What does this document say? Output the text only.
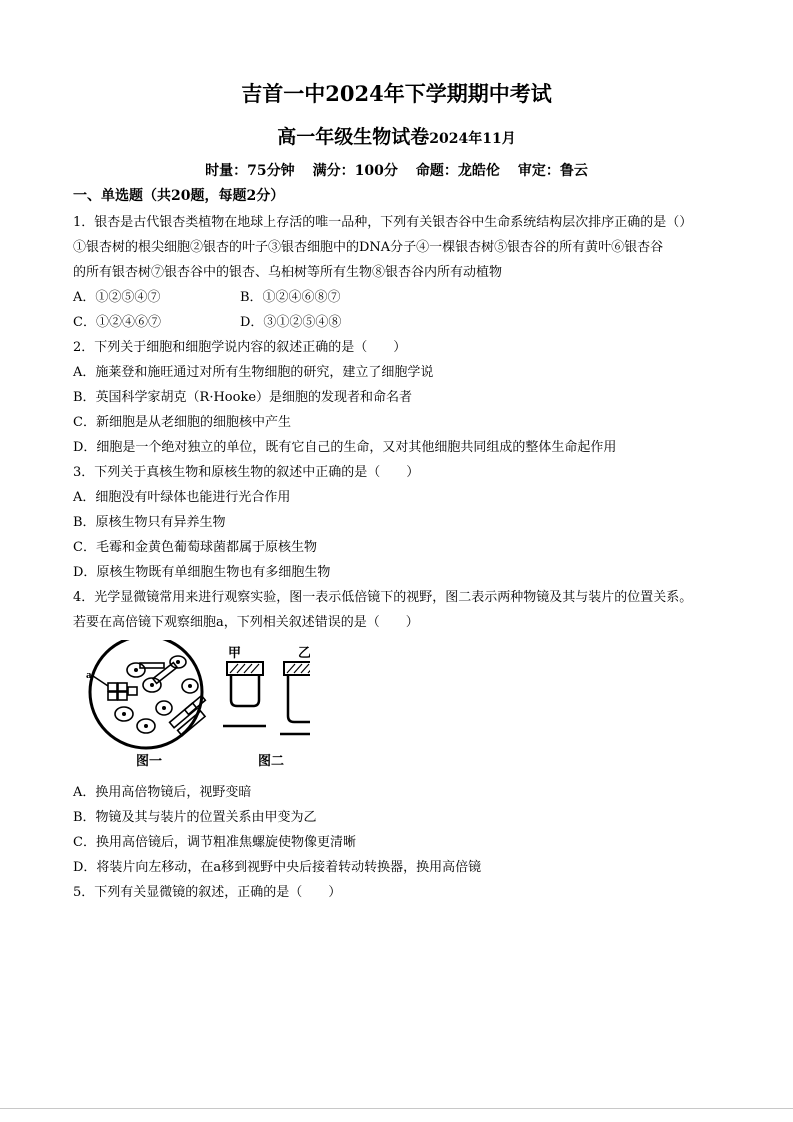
吉首一中2024年下学期期中考试
高一年级生物试卷2024年11月
时量：75分钟 满分：100分 命题：龙皓伦 审定：鲁云
一、单选题（共20题，每题2分）
1．银杏是古代银杏类植物在地球上存活的唯一品种，下列有关银杏谷中生命系统结构层次排序正确的是（）
①银杏树的根尖细胞②银杏的叶子③银杏细胞中的DNA分子④一棵银杏树⑤银杏谷的所有黄叶⑥银杏谷
的所有银杏树⑦银杏谷中的银杏、乌桕树等所有生物⑧银杏谷内所有动植物
A．①②⑤④⑦	B．①②④⑥⑧⑦
C．①②④⑥⑦	D．③①②⑤④⑧
2．下列关于细胞和细胞学说内容的叙述正确的是（　　）
A．施莱登和施旺通过对所有生物细胞的研究，建立了细胞学说
B．英国科学家胡克（R·Hooke）是细胞的发现者和命名者
C．新细胞是从老细胞的细胞核中产生
D．细胞是一个绝对独立的单位，既有它自己的生命，又对其他细胞共同组成的整体生命起作用
3．下列关于真核生物和原核生物的叙述中正确的是（　　）
A．细胞没有叶绿体也能进行光合作用
B．原核生物只有异养生物
C．毛霉和金黄色葡萄球菌都属于原核生物
D．原核生物既有单细胞生物也有多细胞生物
4．光学显微镜常用来进行观察实验，图一表示低倍镜下的视野，图二表示两种物镜及其与装片的位置关系。
若要在高倍镜下观察细胞a，下列相关叙述错误的是（　　）
a
甲	乙
图一	图二
A．换用高倍物镜后，视野变暗
B．物镜及其与装片的位置关系由甲变为乙
C．换用高倍镜后，调节粗准焦螺旋使物像更清晰
D．将装片向左移动，在a移到视野中央后接着转动转换器，换用高倍镜
5．下列有关显微镜的叙述，正确的是（　　）
